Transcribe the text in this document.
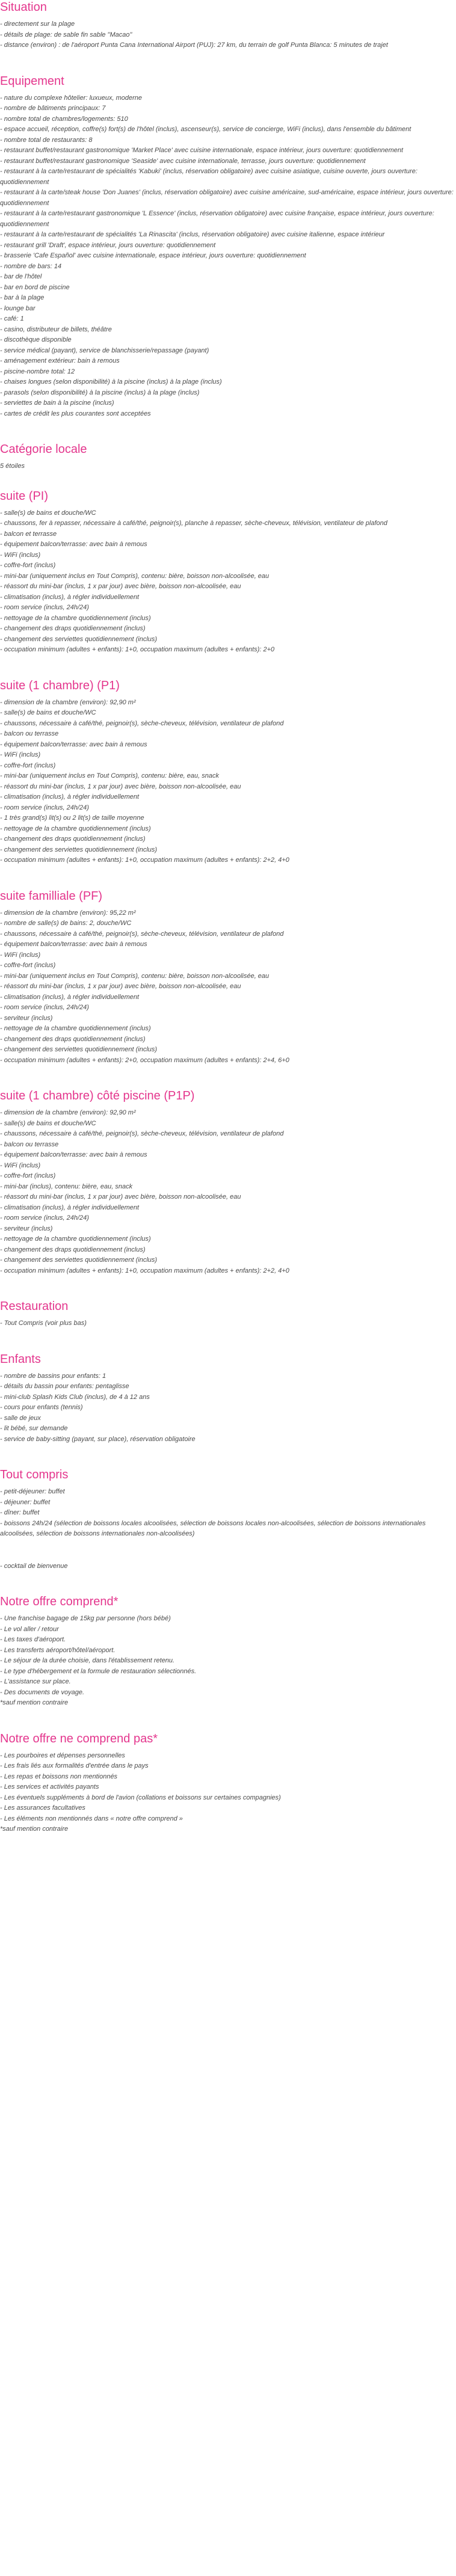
Situation

- directement sur la plage

- détails de plage: de sable fin sable "Macao"

- distance (environ) : de l'aéroport Punta Cana International Airport (PUJ): 27 km, du terrain de golf Punta Blanca: 5 minutes de trajet

Equipement

- nature du complexe hôtelier: luxueux, moderne

- nombre de bâtiments principaux: 7

- nombre total de chambres/logements: 510

- espace accueil, réception, coffre(s) fort(s) de l'hôtel (inclus), ascenseur(s), service de concierge, WiFi (inclus), dans l'ensemble du bâtiment

- nombre total de restaurants: 8

- restaurant buffet/restaurant gastronomique 'Market Place' avec cuisine internationale, espace intérieur, jours ouverture: quotidiennement

- restaurant buffet/restaurant gastronomique 'Seaside' avec cuisine internationale, terrasse, jours ouverture: quotidiennement

- restaurant à la carte/restaurant de spécialités 'Kabuki' (inclus, réservation obligatoire) avec cuisine asiatique, cuisine ouverte, jours ouverture: quotidiennement

- restaurant à la carte/steak house 'Don Juanes' (inclus, réservation obligatoire) avec cuisine américaine, sud-américaine, espace intérieur, jours ouverture: quotidiennement

- restaurant à la carte/restaurant gastronomique 'L Essence' (inclus, réservation obligatoire) avec cuisine française, espace intérieur, jours ouverture: quotidiennement

- restaurant à la carte/restaurant de spécialités 'La Rinascita' (inclus, réservation obligatoire) avec cuisine italienne, espace intérieur

- restaurant grill 'Draft', espace intérieur, jours ouverture: quotidiennement

- brasserie 'Cafe Español' avec cuisine internationale, espace intérieur, jours ouverture: quotidiennement

- nombre de bars: 14

- bar de l'hôtel

- bar en bord de piscine

- bar à la plage

- lounge bar

- café: 1

- casino, distributeur de billets, théâtre

- discothèque disponible

- service médical (payant), service de blanchisserie/repassage (payant)

- aménagement extérieur: bain à remous

- piscine-nombre total: 12

- chaises longues (selon disponibilité) à la piscine (inclus) à la plage (inclus)

- parasols (selon disponibilité) à la piscine (inclus) à la plage (inclus)

- serviettes de bain à la piscine (inclus)

- cartes de crédit les plus courantes sont acceptées

Catégorie locale

5 étoiles

suite (PI)

- salle(s) de bains et douche/WC

- chaussons, fer à repasser, nécessaire à café/thé, peignoir(s), planche à repasser, sèche-cheveux, télévision, ventilateur de plafond

- balcon et terrasse

- équipement balcon/terrasse: avec bain à remous

- WiFi (inclus)

- coffre-fort (inclus)

- mini-bar (uniquement inclus en Tout Compris), contenu: bière, boisson non-alcoolisée, eau

- réassort du mini-bar (inclus, 1 x par jour) avec bière, boisson non-alcoolisée, eau

- climatisation (inclus), à régler individuellement

- room service (inclus, 24h/24)

- nettoyage de la chambre quotidiennement (inclus)

- changement des draps quotidiennement (inclus)

- changement des serviettes quotidiennement (inclus)

- occupation minimum (adultes + enfants): 1+0, occupation maximum (adultes + enfants): 2+0

suite (1 chambre) (P1)

- dimension de la chambre (environ): 92,90 m²

- salle(s) de bains et douche/WC

- chaussons, nécessaire à café/thé, peignoir(s), sèche-cheveux, télévision, ventilateur de plafond

- balcon ou terrasse

- équipement balcon/terrasse: avec bain à remous

- WiFi (inclus)

- coffre-fort (inclus)

- mini-bar (uniquement inclus en Tout Compris), contenu: bière, eau, snack

- réassort du mini-bar (inclus, 1 x par jour) avec bière, boisson non-alcoolisée, eau

- climatisation (inclus), à régler individuellement

- room service (inclus, 24h/24)

- 1 très grand(s) lit(s) ou 2 lit(s) de taille moyenne

- nettoyage de la chambre quotidiennement (inclus)

- changement des draps quotidiennement (inclus)

- changement des serviettes quotidiennement (inclus)

- occupation minimum (adultes + enfants): 1+0, occupation maximum (adultes + enfants): 2+2, 4+0

suite familliale (PF)

- dimension de la chambre (environ): 95,22 m²

- nombre de salle(s) de bains: 2, douche/WC

- chaussons, nécessaire à café/thé, peignoir(s), sèche-cheveux, télévision, ventilateur de plafond

- équipement balcon/terrasse: avec bain à remous

- WiFi (inclus)

- coffre-fort (inclus)

- mini-bar (uniquement inclus en Tout Compris), contenu: bière, boisson non-alcoolisée, eau

- réassort du mini-bar (inclus, 1 x par jour) avec bière, boisson non-alcoolisée, eau

- climatisation (inclus), à régler individuellement

- room service (inclus, 24h/24)

- serviteur (inclus)

- nettoyage de la chambre quotidiennement (inclus)

- changement des draps quotidiennement (inclus)

- changement des serviettes quotidiennement (inclus)

- occupation minimum (adultes + enfants): 2+0, occupation maximum (adultes + enfants): 2+4, 6+0

suite (1 chambre) côté piscine (P1P)

- dimension de la chambre (environ): 92,90 m²

- salle(s) de bains et douche/WC

- chaussons, nécessaire à café/thé, peignoir(s), sèche-cheveux, télévision, ventilateur de plafond

- balcon ou terrasse

- équipement balcon/terrasse: avec bain à remous

- WiFi (inclus)

- coffre-fort (inclus)

- mini-bar (inclus), contenu: bière, eau, snack

- réassort du mini-bar (inclus, 1 x par jour) avec bière, boisson non-alcoolisée, eau

- climatisation (inclus), à régler individuellement

- room service (inclus, 24h/24)

- serviteur (inclus)

- nettoyage de la chambre quotidiennement (inclus)

- changement des draps quotidiennement (inclus)

- changement des serviettes quotidiennement (inclus)

- occupation minimum (adultes + enfants): 1+0, occupation maximum (adultes + enfants): 2+2, 4+0

Restauration

- Tout Compris (voir plus bas)

Enfants

- nombre de bassins pour enfants: 1

- détails du bassin pour enfants: pentaglisse

- mini-club Splash Kids Club (inclus), de 4 à 12 ans

- cours pour enfants (tennis)

- salle de jeux

- lit bébé, sur demande

- service de baby-sitting (payant, sur place), réservation obligatoire

Tout compris

- petit-déjeuner: buffet

- déjeuner: buffet

- dîner: buffet

- boissons 24h/24 (sélection de boissons locales alcoolisées, sélection de boissons locales non-alcoolisées, sélection de boissons internationales alcoolisées, sélection de boissons internationales non-alcoolisées)

- cocktail de bienvenue

Notre offre comprend*

- Une franchise bagage de 15kg par personne (hors bébé)

- Le vol aller / retour

- Les taxes d'aéroport.

- Les transferts aéroport/hôtel/aéroport.

- Le séjour de la durée choisie, dans l'établissement retenu.

- Le type d'hébergement et la formule de restauration sélectionnés.

- L'assistance sur place.

- Des documents de voyage.

*sauf mention contraire

Notre offre ne comprend pas*

- Les pourboires et dépenses personnelles

- Les frais liés aux formalités d'entrée dans le pays

- Les repas et boissons non mentionnés

- Les services et activités payants

- Les éventuels suppléments à bord de l'avion (collations et boissons sur certaines compagnies)

- Les assurances facultatives

- Les éléments non mentionnés dans « notre offre comprend »

*sauf mention contraire
